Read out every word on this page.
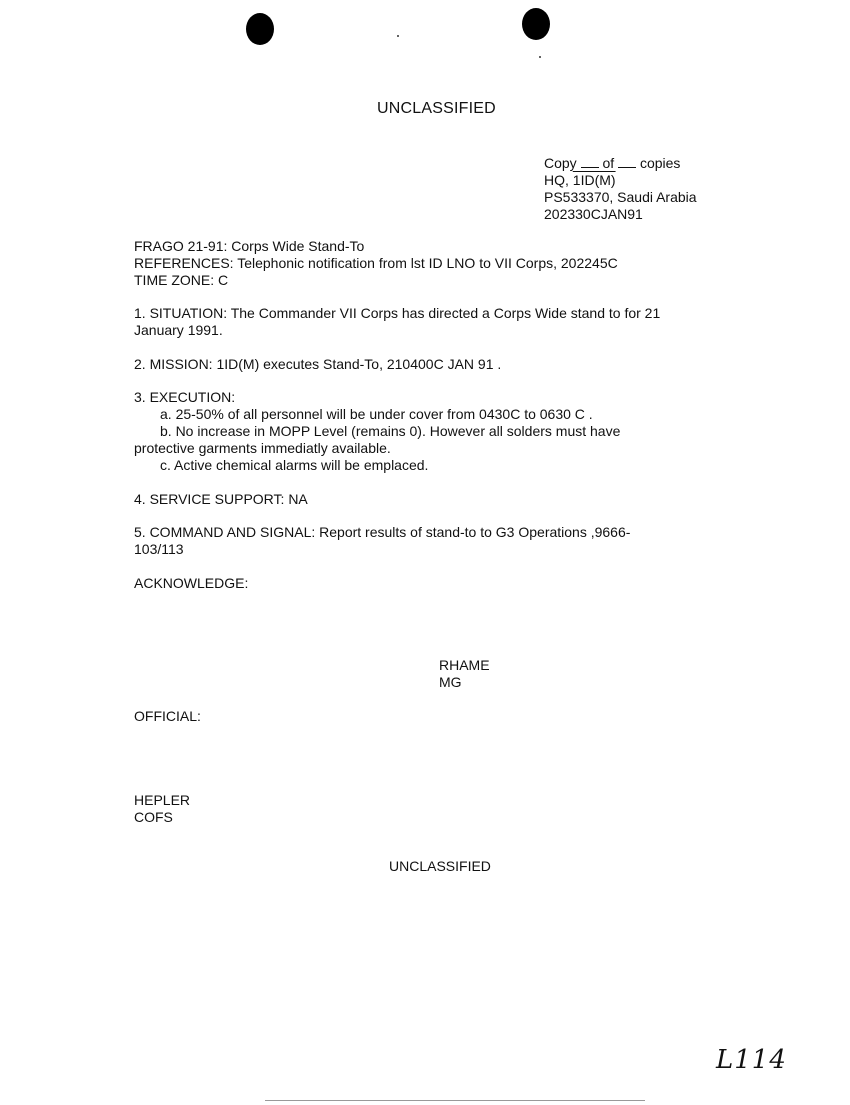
UNCLASSIFIED
Copy of copies
HQ, 1ID(M)
PS533370, Saudi Arabia
202330CJAN91
FRAGO 21-91: Corps Wide Stand-To
REFERENCES: Telephonic notification from lst ID LNO to VII Corps, 202245C
TIME ZONE: C
1. SITUATION: The Commander VII Corps has directed a Corps Wide stand to for 21
January 1991.
2. MISSION: 1ID(M) executes Stand-To, 210400C JAN 91 .
3. EXECUTION:
a. 25-50% of all personnel will be under cover from 0430C to 0630 C .
b. No increase in MOPP Level (remains 0). However all solders must have
protective garments immediatly available.
c. Active chemical alarms will be emplaced.
4. SERVICE SUPPORT: NA
5. COMMAND AND SIGNAL: Report results of stand-to to G3 Operations ,9666-
103/113
ACKNOWLEDGE:
RHAME
MG
OFFICIAL:
HEPLER
COFS
UNCLASSIFIED
L114
